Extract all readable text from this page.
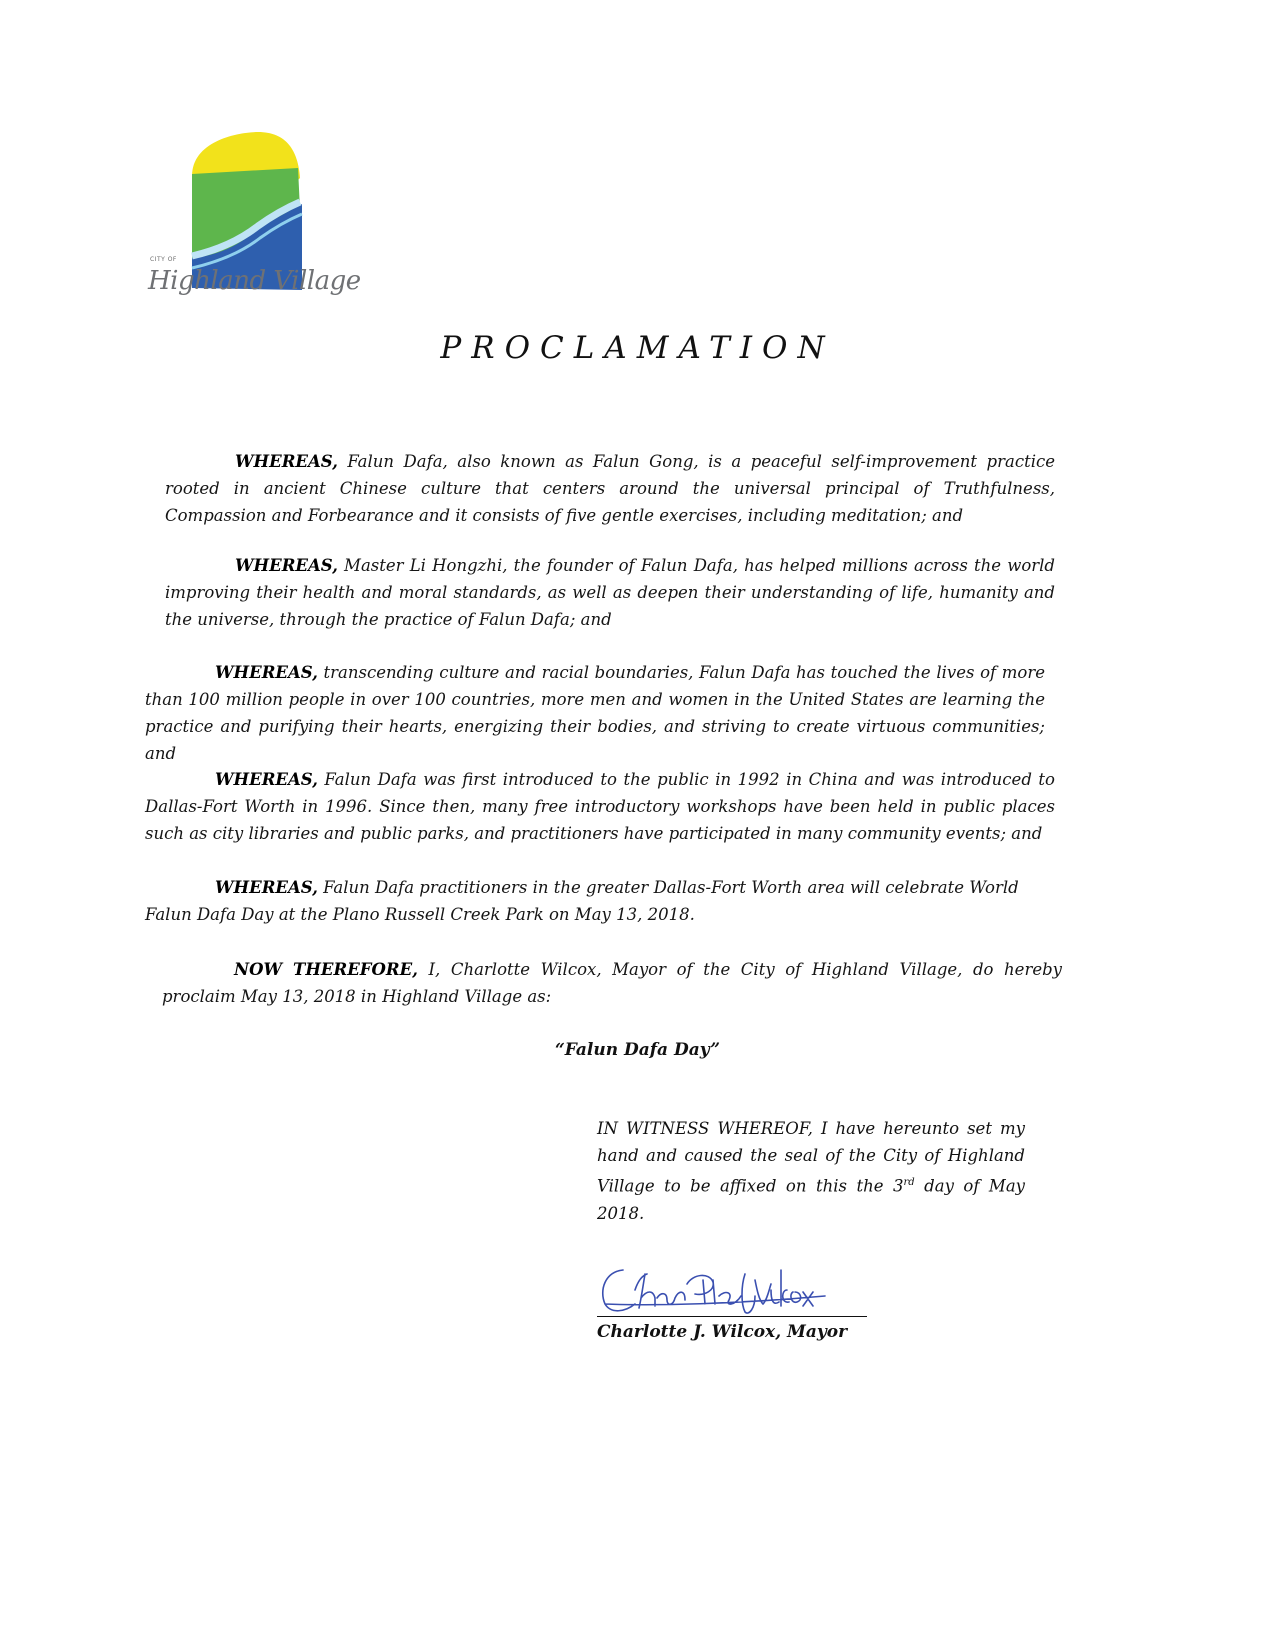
CITY OF
Highland Village
PROCLAMATION
WHEREAS, Falun Dafa, also known as Falun Gong, is a peaceful self-improvement practice rooted in ancient Chinese culture that centers around the universal principal of Truthfulness, Compassion and Forbearance and it consists of five gentle exercises, including meditation; and
WHEREAS, Master Li Hongzhi, the founder of Falun Dafa, has helped millions across the world improving their health and moral standards, as well as deepen their understanding of life, humanity and the universe, through the practice of Falun Dafa; and
WHEREAS, transcending culture and racial boundaries, Falun Dafa has touched the lives of more than 100 million people in over 100 countries, more men and women in the United States are learning the practice and purifying their hearts, energizing their bodies, and striving to create virtuous communities; and
WHEREAS, Falun Dafa was first introduced to the public in 1992 in China and was introduced to Dallas-Fort Worth in 1996. Since then, many free introductory workshops have been held in public places such as city libraries and public parks, and practitioners have participated in many community events; and
WHEREAS, Falun Dafa practitioners in the greater Dallas-Fort Worth area will celebrate World Falun Dafa Day at the Plano Russell Creek Park on May 13, 2018.
NOW THEREFORE, I, Charlotte Wilcox, Mayor of the City of Highland Village, do hereby proclaim May 13, 2018 in Highland Village as:
“Falun Dafa Day”
IN WITNESS WHEREOF, I have hereunto set my hand and caused the seal of the City of Highland Village to be affixed on this the 3rd day of May 2018.
Charlotte J. Wilcox, Mayor
